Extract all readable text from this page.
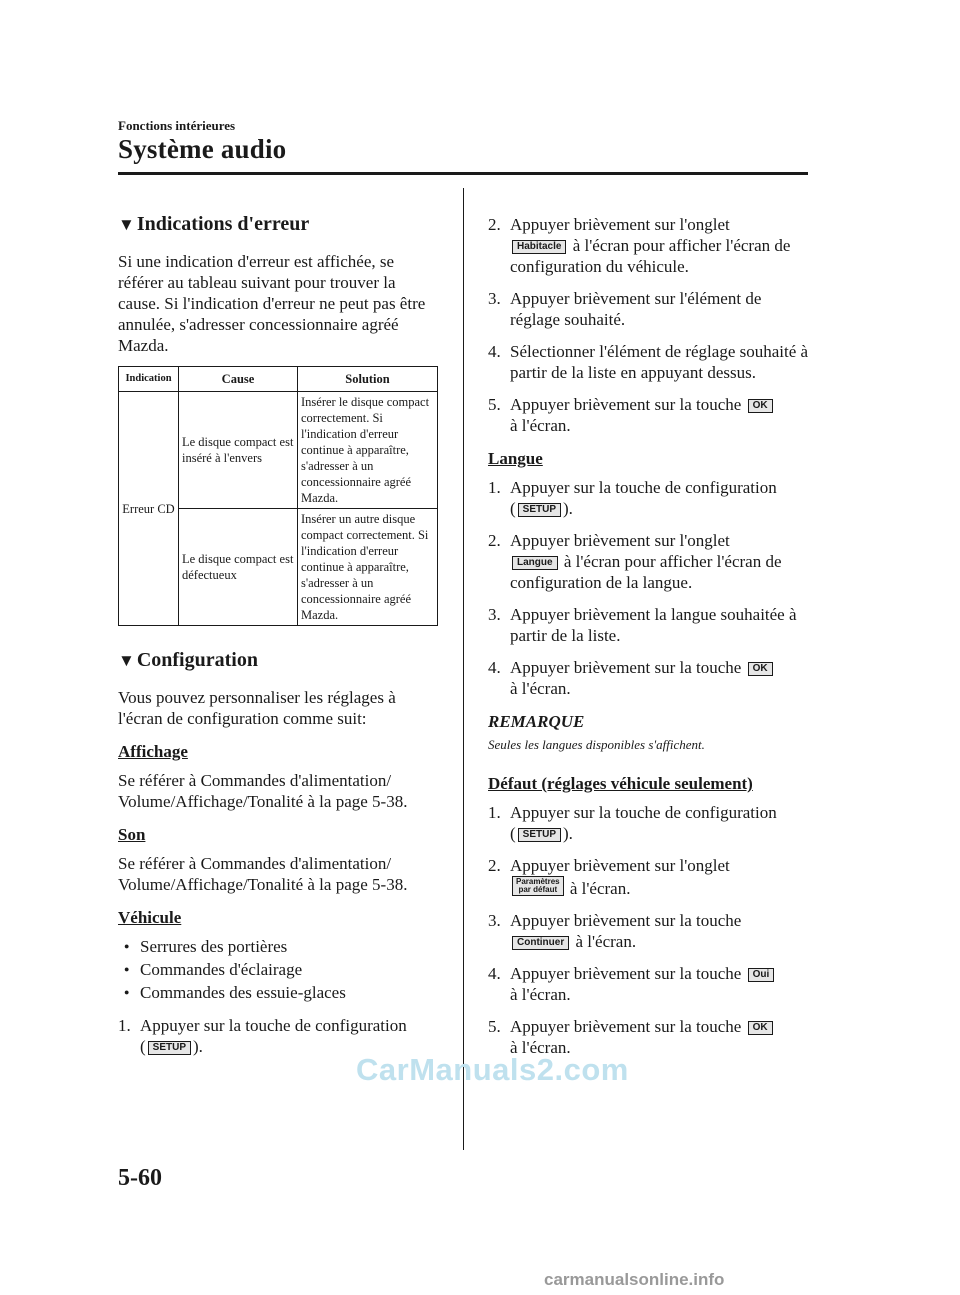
Fonctions intérieures
Système audio
▼ Indications d'erreur

Si une indication d'erreur est affichée, se référer au tableau suivant pour trouver la cause. Si l'indication d'erreur ne peut pas être annulée, s'adresser concessionnaire agréé Mazda.

Indication	Cause	Solution
Erreur CD	Le disque compact est inséré à l'envers	Insérer le disque compact correctement. Si l'indication d'erreur continue à apparaître, s'adresser à un concessionnaire agréé Mazda.
	Le disque compact est défectueux	Insérer un autre disque compact correctement. Si l'indication d'erreur continue à apparaître, s'adresser à un concessionnaire agréé Mazda.
▼ Configuration

Vous pouvez personnaliser les réglages à l'écran de configuration comme suit:

Affichage

Se référer à Commandes d'alimentation/ Volume/Affichage/Tonalité à la page 5-38.

Son

Se référer à Commandes d'alimentation/ Volume/Affichage/Tonalité à la page 5-38.

Véhicule
● Serrures des portières
● Commandes d'éclairage
● Commandes des essuie-glaces
1. Appuyer sur la touche de configuration
( SETUP ).
2. Appuyer brièvement sur l'onglet
Habitacle à l'écran pour afficher l'écran de configuration du véhicule.
3. Appuyer brièvement sur l'élément de réglage souhaité.
4. Sélectionner l'élément de réglage souhaité à partir de la liste en appuyant dessus.
5. Appuyer brièvement sur la touche OK
à l'écran.
Langue
1. Appuyer sur la touche de configuration
( SETUP ).
2. Appuyer brièvement sur l'onglet
Langue à l'écran pour afficher l'écran de configuration de la langue.
3. Appuyer brièvement la langue souhaitée à partir de la liste.
4. Appuyer brièvement sur la touche OK
à l'écran.
REMARQUE
Seules les langues disponibles s'affichent.
Défaut (réglages véhicule seulement)
1. Appuyer sur la touche de configuration
( SETUP ).
2. Appuyer brièvement sur l'onglet
Paramètres
par défaut à l'écran.
3. Appuyer brièvement sur la touche
Continuer à l'écran.
4. Appuyer brièvement sur la touche Oui
à l'écran.
5. Appuyer brièvement sur la touche OK
à l'écran.
CarManuals2.com
5-60
carmanualsonline.info
